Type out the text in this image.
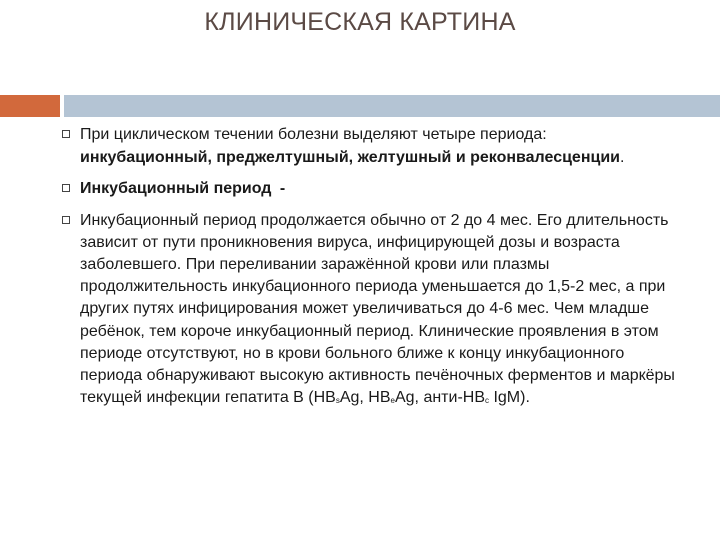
КЛИНИЧЕСКАЯ КАРТИНА
При циклическом течении болезни выделяют четыре периода: инкубационный, преджелтушный, желтушный и реконвалесценции.
Инкубационный период -
Инкубационный период продолжается обычно от 2 до 4 мес. Его длительность зависит от пути проникновения вируса, инфицирующей дозы и возраста заболевшего. При переливании заражённой крови или плазмы продолжительность инкубационного периода уменьшается до 1,5-2 мес, а при других путях инфицирования может увеличиваться до 4-6 мес. Чем младше ребёнок, тем короче инкубационный период. Клинические проявления в этом периоде отсутствуют, но в крови больного ближе к концу инкубационного периода обнаруживают высокую активность печёночных ферментов и маркёры текущей инфекции гепатита В ($НВ_sAg$, $НВ_eAg$, анти-$НВ_c$ IgM).
